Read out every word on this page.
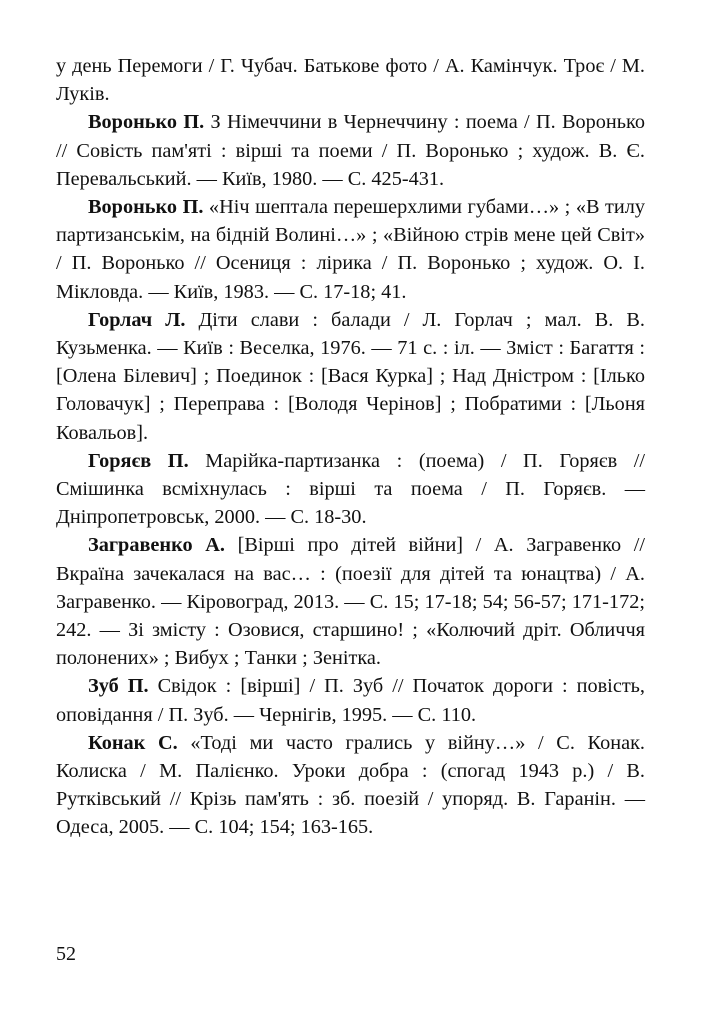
у день Перемоги / Г. Чубач. Батькове фото / А. Камінчук. Троє / М. Луків.

Воронько П. З Німеччини в Чернеччину : поема / П. Воронько // Совість пам'яті : вірші та поеми / П. Воронько ; худож. В. Є. Перевальський. — Київ, 1980. — С. 425-431.

Воронько П. «Ніч шептала перешерхлими губами…» ; «В тилу партизанськім, на бідній Волині…» ; «Війною стрів мене цей Світ» / П. Воронько // Осениця : лірика / П. Воронько ; худож. О. І. Мікловда. — Київ, 1983. — С. 17-18; 41.

Горлач Л. Діти слави : балади / Л. Горлач ; мал. В. В. Кузьменка. — Київ : Веселка, 1976. — 71 с. : іл. — Зміст : Багаття : [Олена Білевич] ; Поединок : [Вася Курка] ; Над Дністром : [Ілько Головачук] ; Переправа : [Володя Черінов] ; Побратими : [Льоня Ковальов].

Горяєв П. Марійка-партизанка : (поема) / П. Горяєв // Смішинка всміхнулась : вірші та поема / П. Горяєв. — Дніпропетровськ, 2000. — С. 18-30.

Загравенко А. [Вірші про дітей війни] / А. Загравенко // Вкраїна зачекалася на вас… : (поезії для дітей та юнацтва) / А. Загравенко. — Кіровоград, 2013. — С. 15; 17-18; 54; 56-57; 171-172; 242. — Зі змісту : Озовися, старшино! ; «Колючий дріт. Обличчя полонених» ; Вибух ; Танки ; Зенітка.

Зуб П. Свідок : [вірші] / П. Зуб // Початок дороги : повість, оповідання / П. Зуб. — Чернігів, 1995. — С. 110.

Конак С. «Тоді ми часто грались у війну…» / С. Конак. Колиска / М. Палієнко. Уроки добра : (спогад 1943 р.) / В. Рутківський // Крізь пам'ять : зб. поезій / упоряд. В. Гаранін. — Одеса, 2005. — С. 104; 154; 163-165.

52
